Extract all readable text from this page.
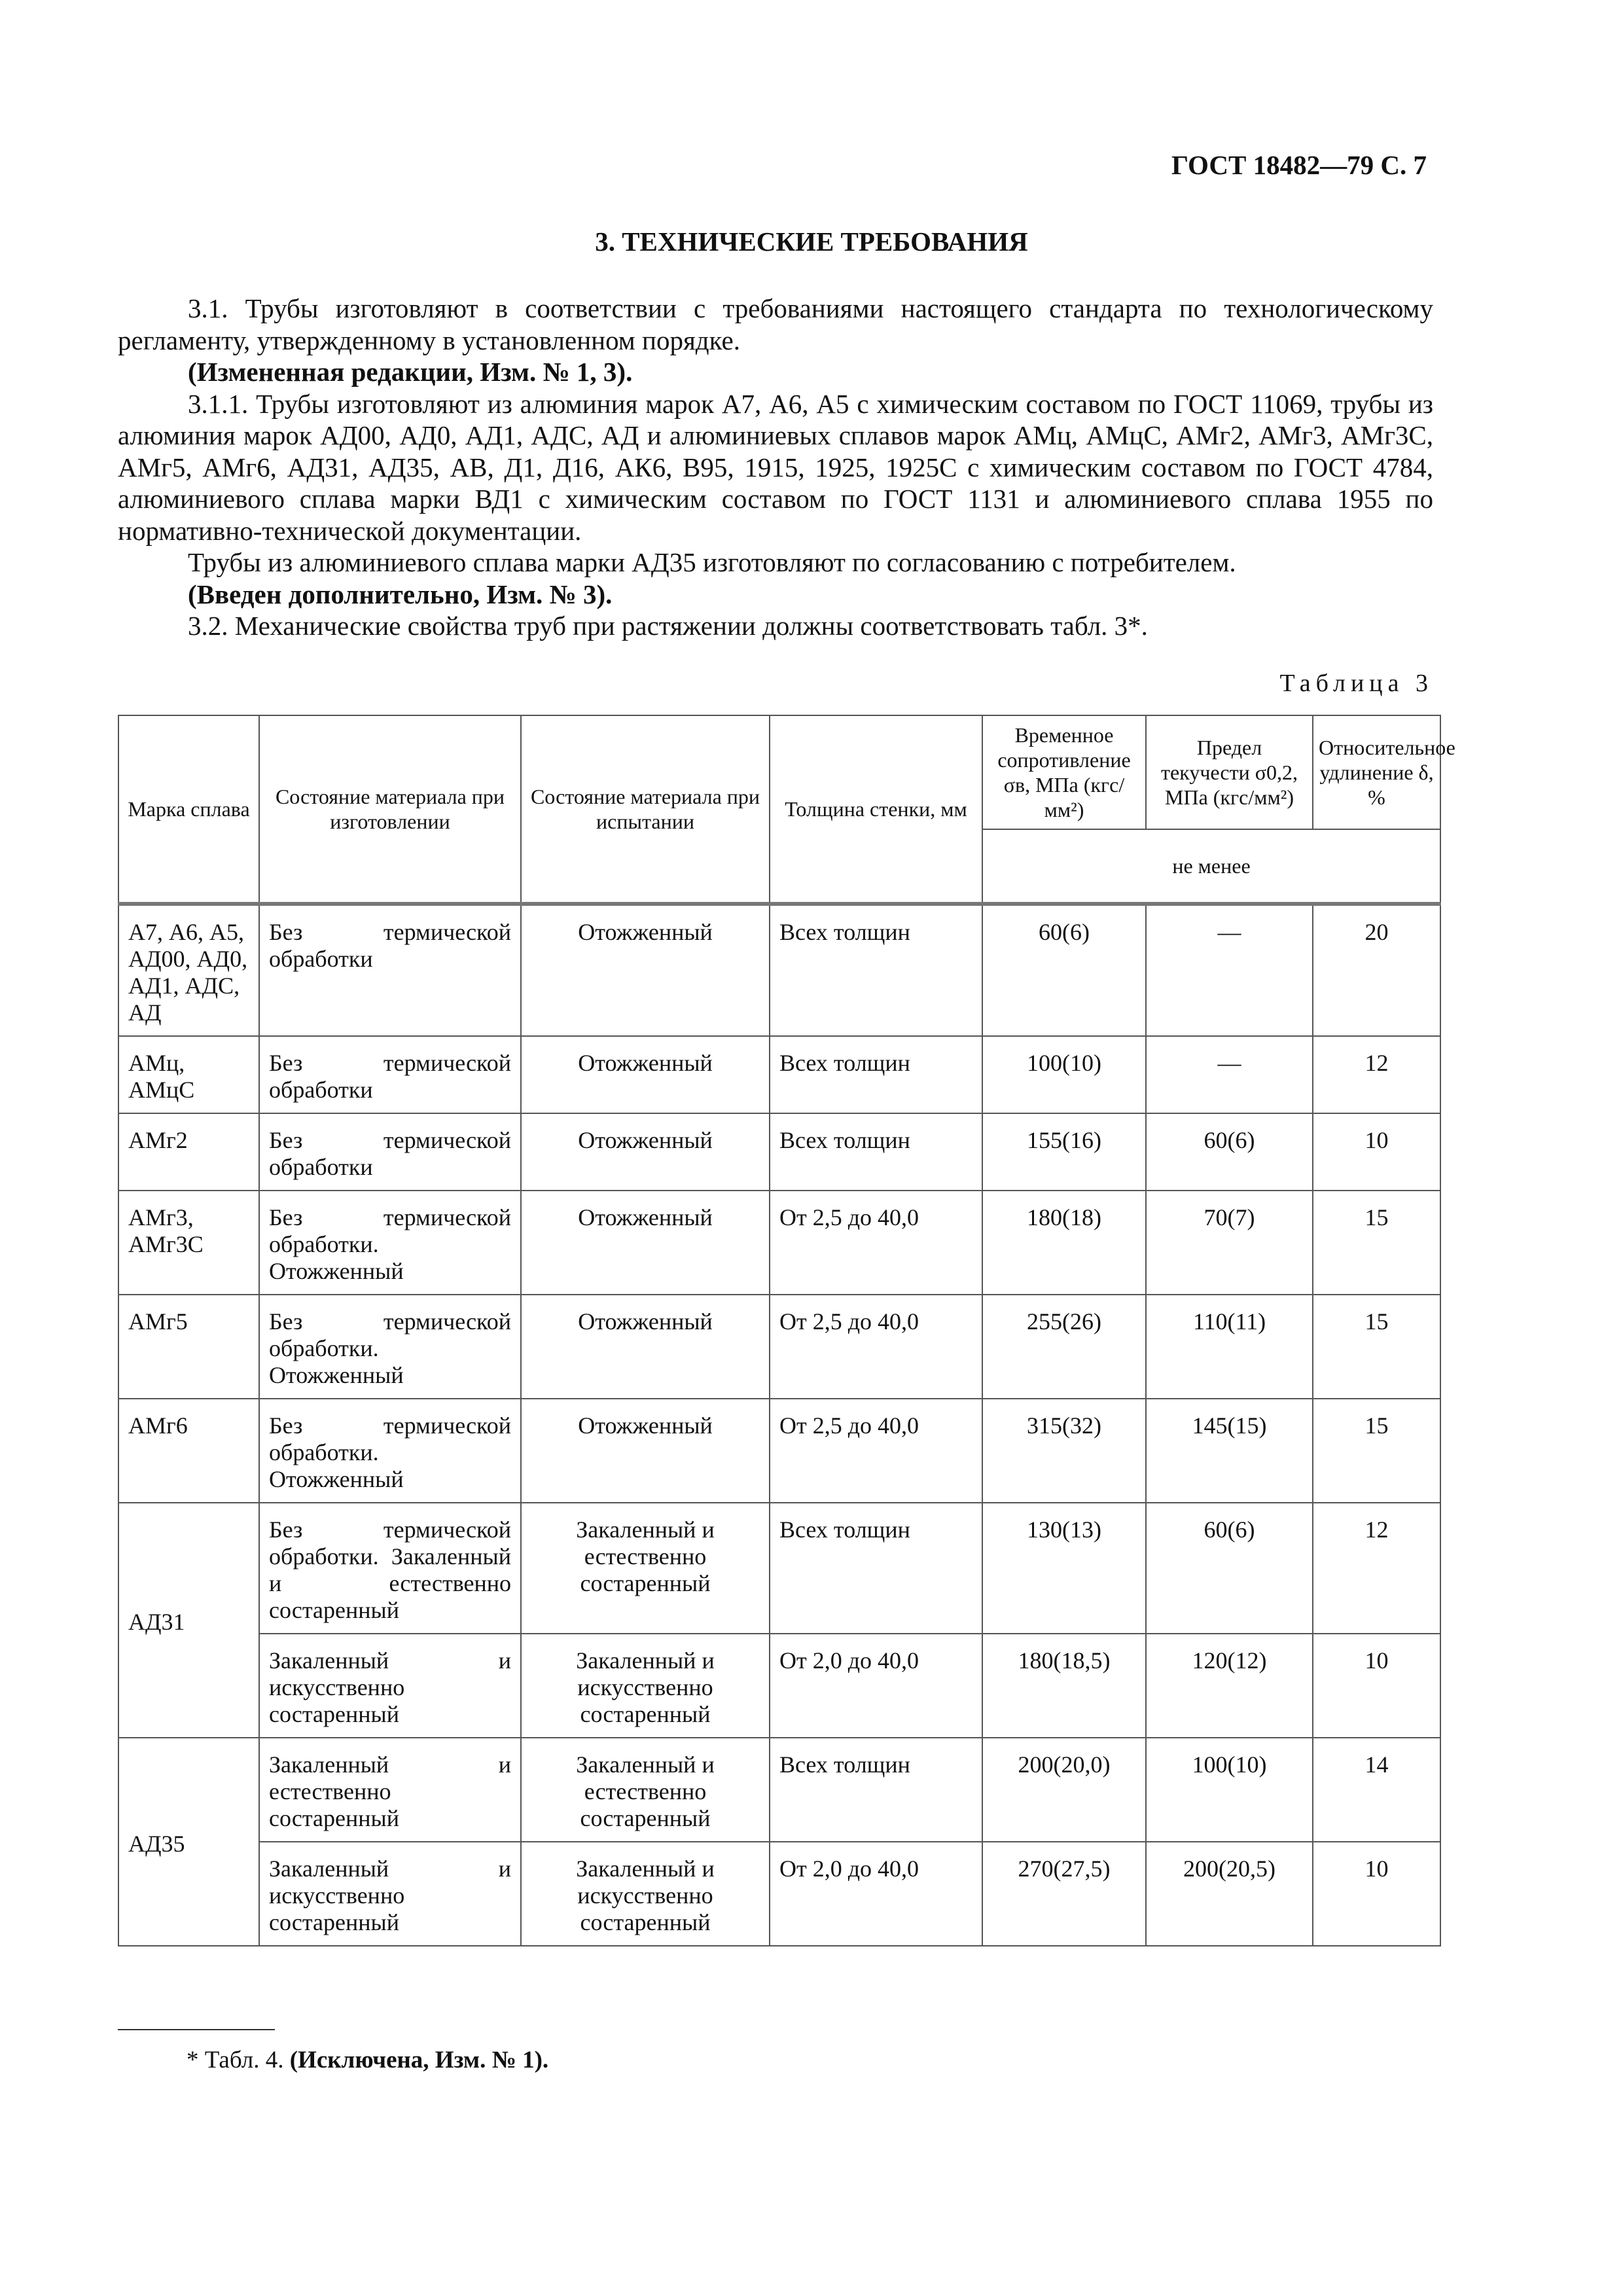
ГОСТ 18482—79 С. 7
3. ТЕХНИЧЕСКИЕ ТРЕБОВАНИЯ

3.1. Трубы изготовляют в соответствии с требованиями настоящего стандарта по технологическому регламенту, утвержденному в установленном порядке.

(Измененная редакции, Изм. № 1, 3).

3.1.1. Трубы изготовляют из алюминия марок А7, А6, А5 с химическим составом по ГОСТ 11069, трубы из алюминия марок АД00, АД0, АД1, АДС, АД и алюминиевых сплавов марок АМц, АМцС, АМг2, АМг3, АМг3С, АМг5, АМг6, АД31, АД35, АВ, Д1, Д16, АК6, В95, 1915, 1925, 1925С с химическим составом по ГОСТ 4784, алюминиевого сплава марки ВД1 с химическим составом по ГОСТ 1131 и алюминиевого сплава 1955 по нормативно-технической документации.

Трубы из алюминиевого сплава марки АД35 изготовляют по согласованию с потребителем.

(Введен дополнительно, Изм. № 3).

3.2. Механические свойства труб при растяжении должны соответствовать табл. 3*.

Таблица 3
Марка сплава	Состояние материала при изготовлении	Состояние материала при испытании	Толщина стенки, мм	Временное сопротивление σв, МПа (кгс/мм²)	Предел текучести σ0,2, МПа (кгс/мм²)	Относительное удлинение δ, %
				не менее		
А7, А6, А5, АД00, АД0, АД1, АДС, АД	Без термической обработки	Отожженный	Всех толщин	60(6)	—	20
АМц, АМцС	Без термической обработки	Отожженный	Всех толщин	100(10)	—	12
АМг2	Без термической обработки	Отожженный	Всех толщин	155(16)	60(6)	10
АМг3, АМг3С	Без термической обработки. Отожженный	Отожженный	От 2,5 до 40,0	180(18)	70(7)	15
АМг5	Без термической обработки. Отожженный	Отожженный	От 2,5 до 40,0	255(26)	110(11)	15
АМг6	Без термической обработки. Отожженный	Отожженный	От 2,5 до 40,0	315(32)	145(15)	15
АД31	Без термической обработки. Закаленный и естественно состаренный	Закаленный и естественно состаренный	Всех толщин	130(13)	60(6)	12
	Закаленный и искусственно состаренный	Закаленный и искусственно состаренный	От 2,0 до 40,0	180(18,5)	120(12)	10
АД35	Закаленный и естественно состаренный	Закаленный и естественно состаренный	Всех толщин	200(20,0)	100(10)	14
	Закаленный и искусственно состаренный	Закаленный и искусственно состаренный	От 2,0 до 40,0	270(27,5)	200(20,5)	10
* Табл. 4. (Исключена, Изм. № 1).
